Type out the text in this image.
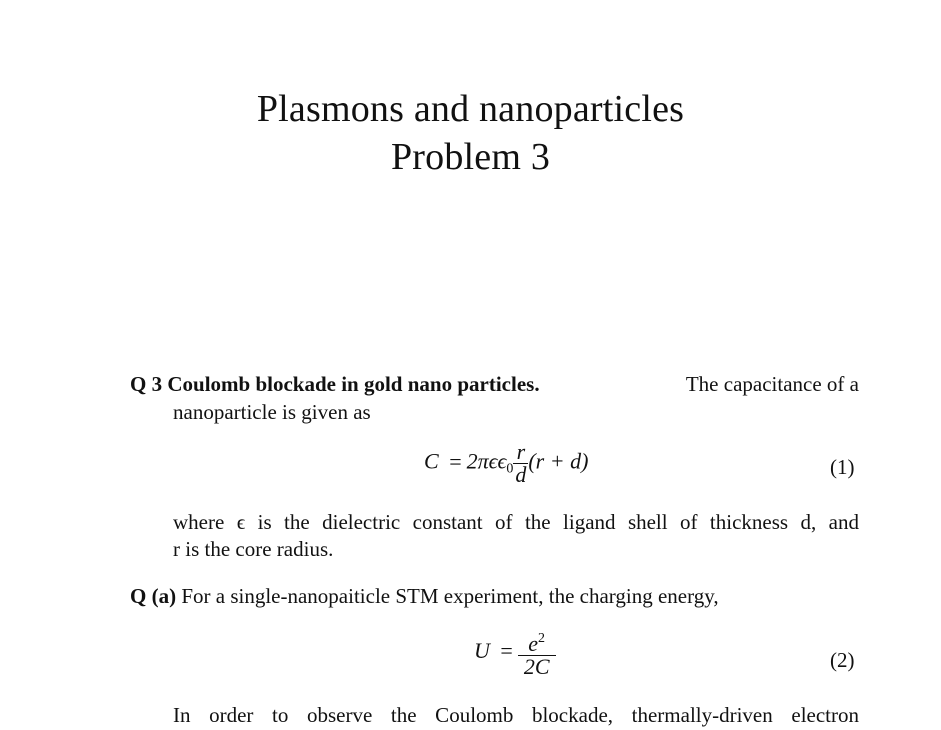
Plasmons and nanoparticles
Problem 3
Q 3 Coulomb blockade in gold nano particles.	The capacitance of a
nanoparticle is given as
$C = 2\pi\epsilon\epsilon_0 \frac{r}{d} (r + d)$	(1)
where ϵ is the dielectric constant of the ligand shell of thickness d, and
r is the core radius.
Q (a) For a single-nanopaiticle STM experiment, the charging energy,
$U = \frac{e^2}{2C}$	(2)
In order to observe the Coulomb blockade, thermally-driven electron
